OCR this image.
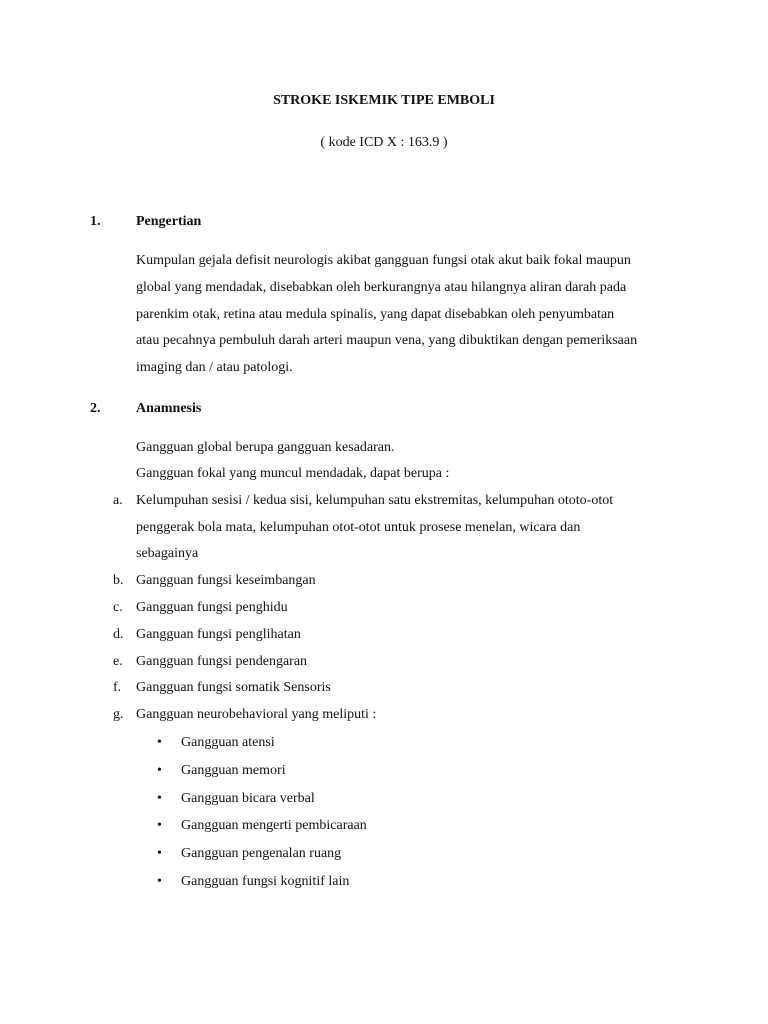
STROKE ISKEMIK TIPE EMBOLI
( kode ICD X : 163.9 )
1.	Pengertian
Kumpulan gejala defisit neurologis akibat gangguan fungsi otak akut baik fokal maupun
global yang mendadak, disebabkan oleh berkurangnya atau hilangnya aliran darah pada
parenkim otak, retina atau medula spinalis, yang dapat disebabkan oleh penyumbatan
atau pecahnya pembuluh darah arteri maupun vena, yang dibuktikan dengan pemeriksaan
imaging dan / atau patologi.
2.	Anamnesis
Gangguan global berupa gangguan kesadaran.
Gangguan fokal yang muncul mendadak, dapat berupa :
a. Kelumpuhan sesisi / kedua sisi, kelumpuhan satu ekstremitas, kelumpuhan ototo-otot
penggerak bola mata, kelumpuhan otot-otot untuk prosese menelan, wicara dan
sebagainya
b. Gangguan fungsi keseimbangan
c. Gangguan fungsi penghidu
d. Gangguan fungsi penglihatan
e. Gangguan fungsi pendengaran
f. Gangguan fungsi somatik Sensoris
g. Gangguan neurobehavioral yang meliputi :
• Gangguan atensi
• Gangguan memori
• Gangguan bicara verbal
• Gangguan mengerti pembicaraan
• Gangguan pengenalan ruang
• Gangguan fungsi kognitif lain
